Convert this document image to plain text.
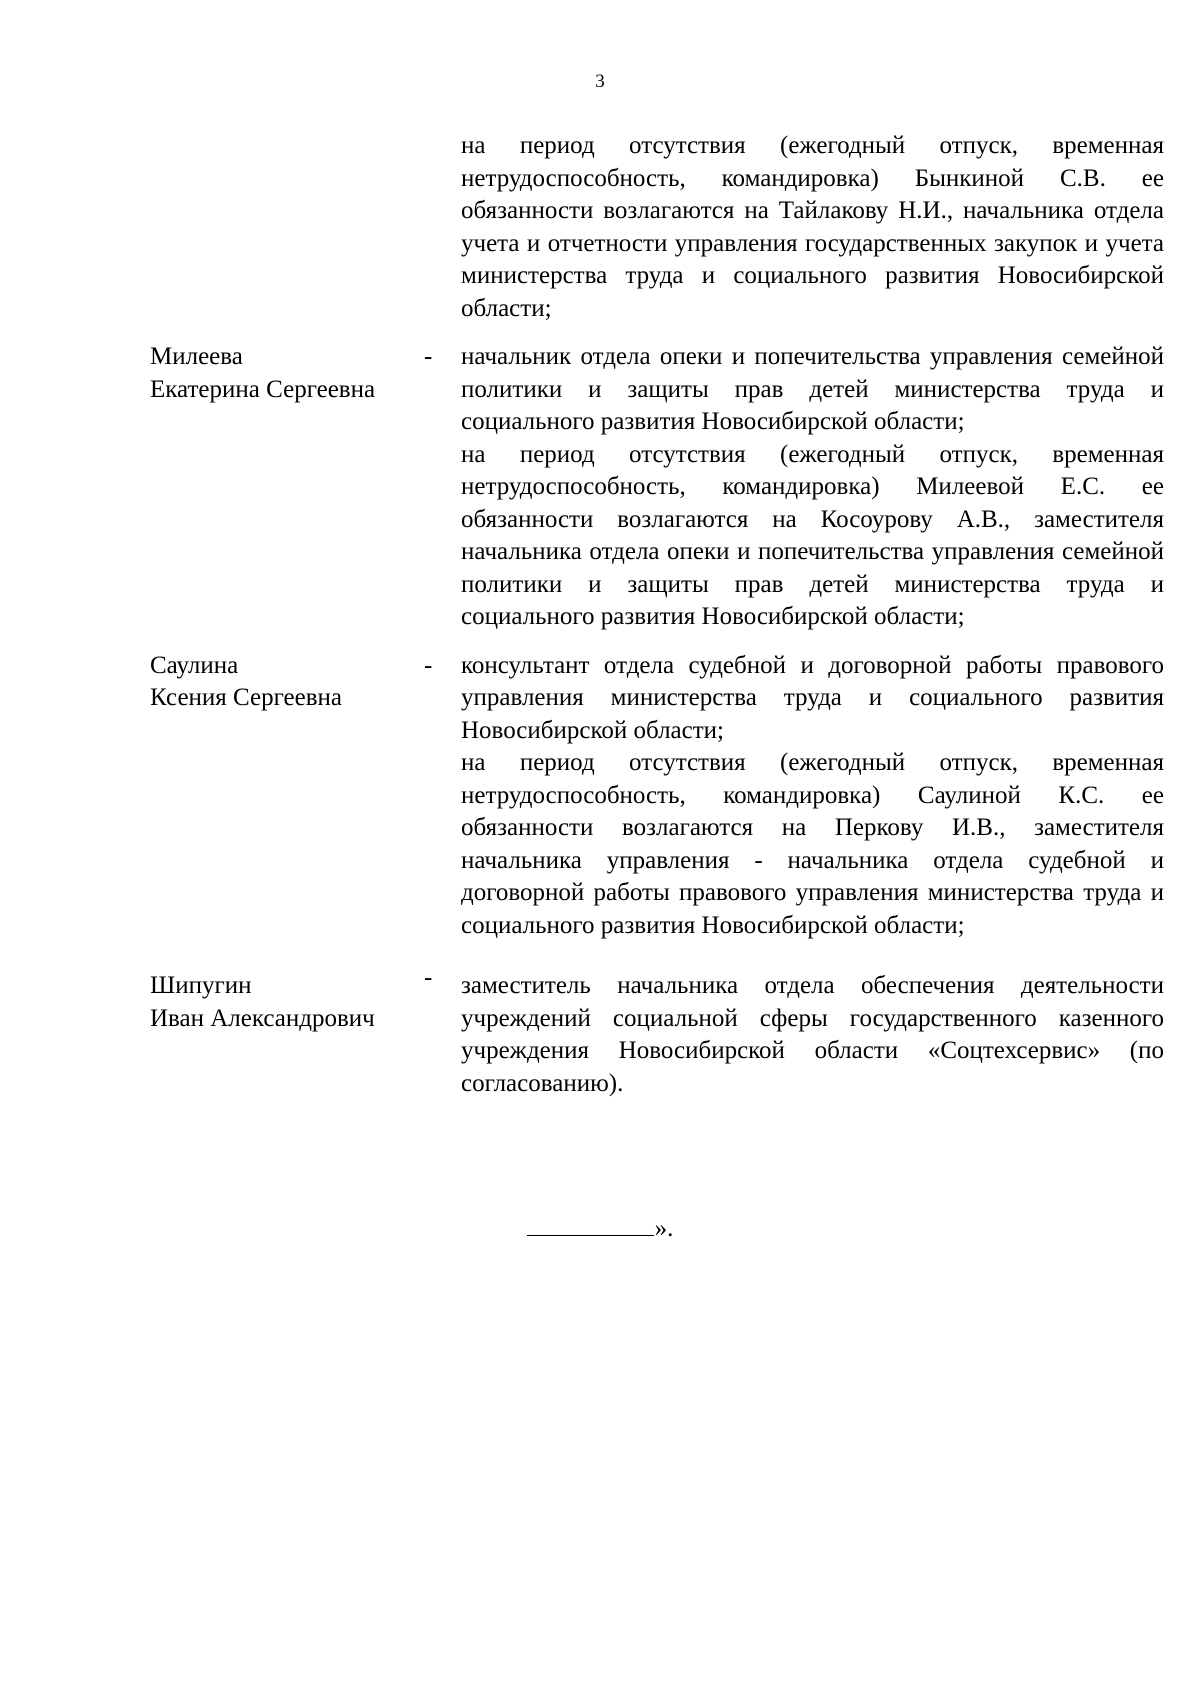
3

на период отсутствия (ежегодный отпуск, временная нетрудоспособность, командировка) Бынкиной С.В. ее обязанности возлагаются на Тайлакову Н.И., начальника отдела учета и отчетности управления государственных закупок и учета министерства труда и социального развития Новосибирской области;

Милеева
Екатерина Сергеевна
-	начальник отдела опеки и попечительства управления семейной политики и защиты прав детей министерства труда и социального развития Новосибирской области;

на период отсутствия (ежегодный отпуск, временная нетрудоспособность, командировка) Милеевой Е.С. ее обязанности возлагаются на Косоурову А.В., заместителя начальника отдела опеки и попечительства управления семейной политики и защиты прав детей министерства труда и социального развития Новосибирской области;

Саулина
Ксения Сергеевна
-	консультант отдела судебной и договорной работы правового управления министерства труда и социального развития Новосибирской области;

на период отсутствия (ежегодный отпуск, временная нетрудоспособность, командировка) Саулиной К.С. ее обязанности возлагаются на Перкову И.В., заместителя начальника управления - начальника отдела судебной и договорной работы правового управления министерства труда и социального развития Новосибирской области;

Шипугин
Иван Александрович
-	заместитель начальника отдела обеспечения деятельности учреждений социальной сферы государственного казенного учреждения Новосибирской области «Соцтехсервис» (по согласованию).

».
